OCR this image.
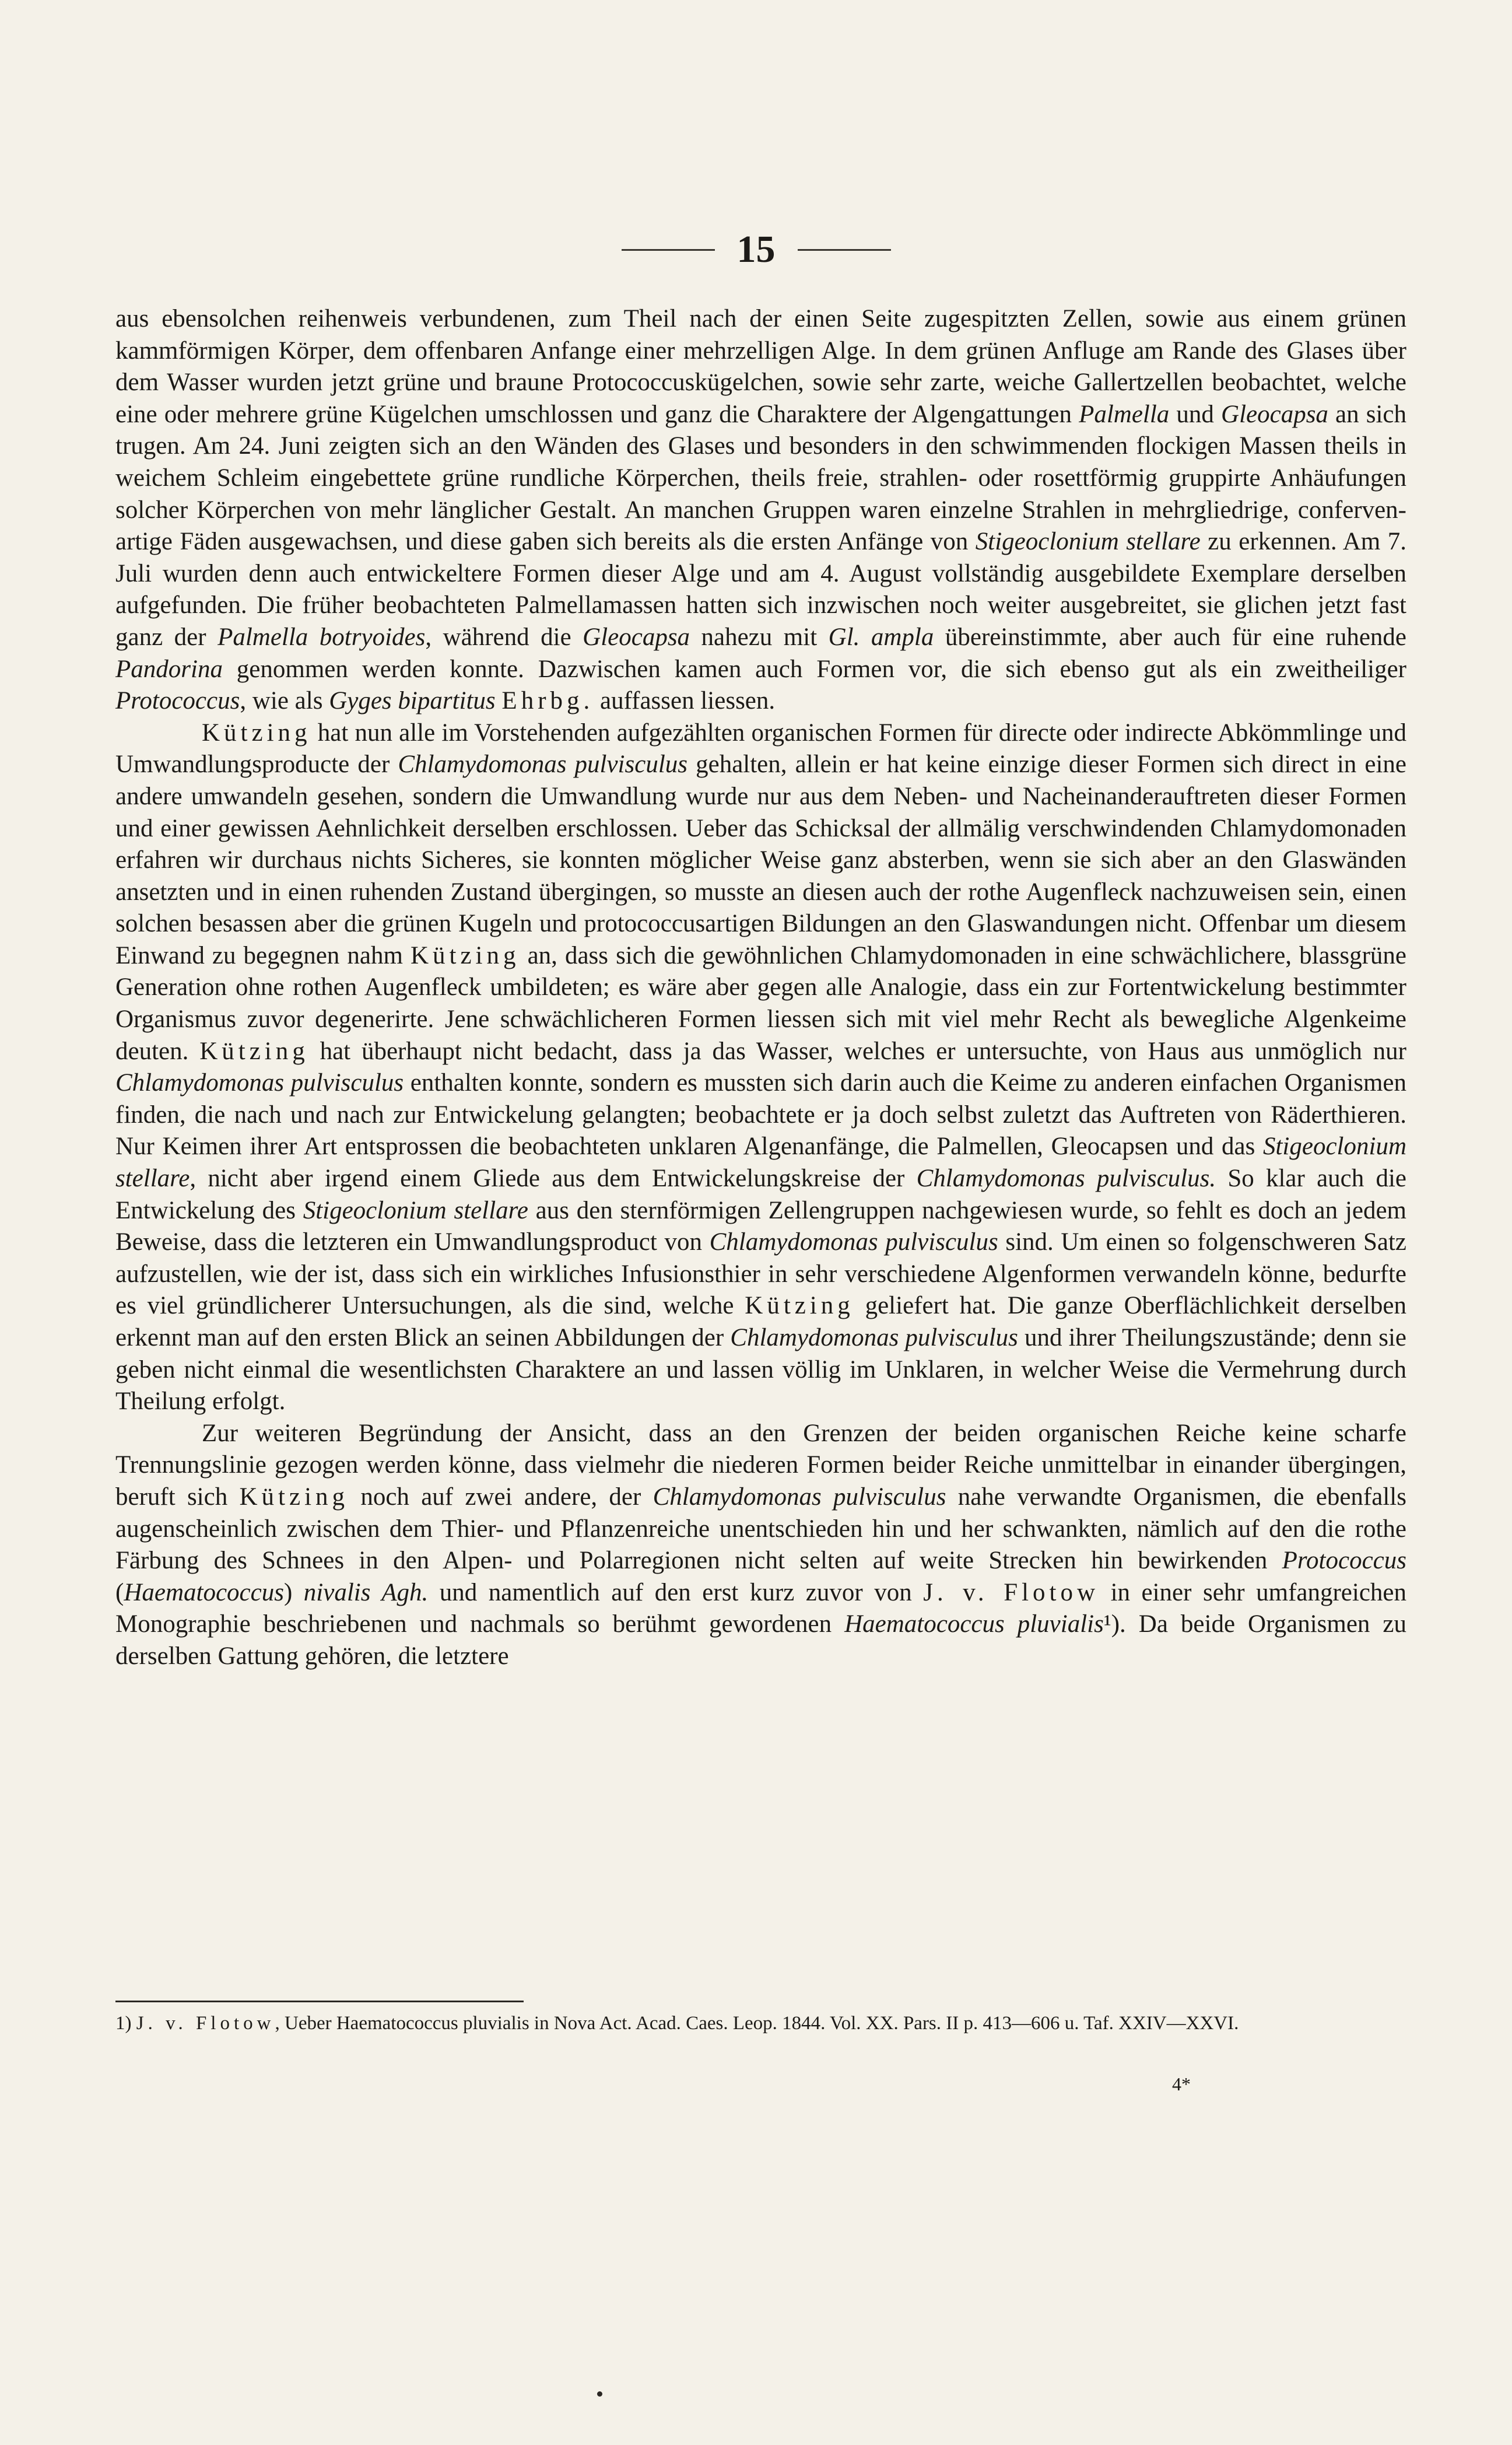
15

aus ebensolchen reihenweis verbundenen, zum Theil nach der einen Seite zugespitzten Zellen, sowie aus einem grünen kammförmigen Körper, dem offenbaren Anfange einer mehrzelligen Alge. In dem grünen Anfluge am Rande des Glases über dem Wasser wurden jetzt grüne und braune Protococcuskügelchen, sowie sehr zarte, weiche Gallertzellen beobachtet, welche eine oder mehrere grüne Kügelchen umschlossen und ganz die Charaktere der Algengattungen Palmella und Gleocapsa an sich trugen. Am 24. Juni zeigten sich an den Wänden des Glases und besonders in den schwimmenden flockigen Massen theils in weichem Schleim eingebettete grüne rundliche Körperchen, theils freie, strahlen- oder rosettförmig gruppirte Anhäufungen solcher Körperchen von mehr länglicher Gestalt. An manchen Gruppen waren einzelne Strahlen in mehrgliedrige, conferven-artige Fäden ausgewachsen, und diese gaben sich bereits als die ersten Anfänge von Stigeoclonium stellare zu erkennen. Am 7. Juli wurden denn auch entwickeltere Formen dieser Alge und am 4. August vollständig ausgebildete Exemplare derselben aufgefunden. Die früher beobachteten Palmellamassen hatten sich inzwischen noch weiter ausgebreitet, sie glichen jetzt fast ganz der Palmella botryoides, während die Gleocapsa nahezu mit Gl. ampla übereinstimmte, aber auch für eine ruhende Pandorina genommen werden konnte. Dazwischen kamen auch Formen vor, die sich ebenso gut als ein zweitheiliger Protococcus, wie als Gyges bipartitus Ehrbg. auffassen liessen.

Kützing hat nun alle im Vorstehenden aufgezählten organischen Formen für directe oder indirecte Abkömmlinge und Umwandlungsproducte der Chlamydomonas pulvisculus gehalten, allein er hat keine einzige dieser Formen sich direct in eine andere umwandeln gesehen, sondern die Umwandlung wurde nur aus dem Neben- und Nacheinanderauftreten dieser Formen und einer gewissen Aehnlichkeit derselben erschlossen. Ueber das Schicksal der allmälig verschwindenden Chlamydomonaden erfahren wir durchaus nichts Sicheres, sie konnten möglicher Weise ganz absterben, wenn sie sich aber an den Glaswänden ansetzten und in einen ruhenden Zustand übergingen, so musste an diesen auch der rothe Augenfleck nachzuweisen sein, einen solchen besassen aber die grünen Kugeln und protococcusartigen Bildungen an den Glaswandungen nicht. Offenbar um diesem Einwand zu begegnen nahm Kützing an, dass sich die gewöhnlichen Chlamydomonaden in eine schwächlichere, blassgrüne Generation ohne rothen Augenfleck umbildeten; es wäre aber gegen alle Analogie, dass ein zur Fortentwickelung bestimmter Organismus zuvor degenerirte. Jene schwächlicheren Formen liessen sich mit viel mehr Recht als bewegliche Algenkeime deuten. Kützing hat überhaupt nicht bedacht, dass ja das Wasser, welches er untersuchte, von Haus aus unmöglich nur Chlamydomonas pulvisculus enthalten konnte, sondern es mussten sich darin auch die Keime zu anderen einfachen Organismen finden, die nach und nach zur Entwickelung gelangten; beobachtete er ja doch selbst zuletzt das Auftreten von Räderthieren. Nur Keimen ihrer Art entsprossen die beobachteten unklaren Algenanfänge, die Palmellen, Gleocapsen und das Stigeoclonium stellare, nicht aber irgend einem Gliede aus dem Entwickelungskreise der Chlamydomonas pulvisculus. So klar auch die Entwickelung des Stigeoclonium stellare aus den sternförmigen Zellengruppen nachgewiesen wurde, so fehlt es doch an jedem Beweise, dass die letzteren ein Umwandlungsproduct von Chlamydomonas pulvisculus sind. Um einen so folgenschweren Satz aufzustellen, wie der ist, dass sich ein wirkliches Infusionsthier in sehr verschiedene Algenformen verwandeln könne, bedurfte es viel gründlicherer Untersuchungen, als die sind, welche Kützing geliefert hat. Die ganze Oberflächlichkeit derselben erkennt man auf den ersten Blick an seinen Abbildungen der Chlamydomonas pulvisculus und ihrer Theilungszustände; denn sie geben nicht einmal die wesentlichsten Charaktere an und lassen völlig im Unklaren, in welcher Weise die Vermehrung durch Theilung erfolgt.

Zur weiteren Begründung der Ansicht, dass an den Grenzen der beiden organischen Reiche keine scharfe Trennungslinie gezogen werden könne, dass vielmehr die niederen Formen beider Reiche unmittelbar in einander übergingen, beruft sich Kützing noch auf zwei andere, der Chlamydomonas pulvisculus nahe verwandte Organismen, die ebenfalls augenscheinlich zwischen dem Thier- und Pflanzenreiche unentschieden hin und her schwankten, nämlich auf den die rothe Färbung des Schnees in den Alpen- und Polarregionen nicht selten auf weite Strecken hin bewirkenden Protococcus (Haematococcus) nivalis Agh. und namentlich auf den erst kurz zuvor von J. v. Flotow in einer sehr umfangreichen Monographie beschriebenen und nachmals so berühmt gewordenen Haematococcus pluvialis¹). Da beide Organismen zu derselben Gattung gehören, die letztere

1) J. v. Flotow, Ueber Haematococcus pluvialis in Nova Act. Acad. Caes. Leop. 1844. Vol. XX. Pars. II p. 413—606 u. Taf. XXIV—XXVI.
4*
